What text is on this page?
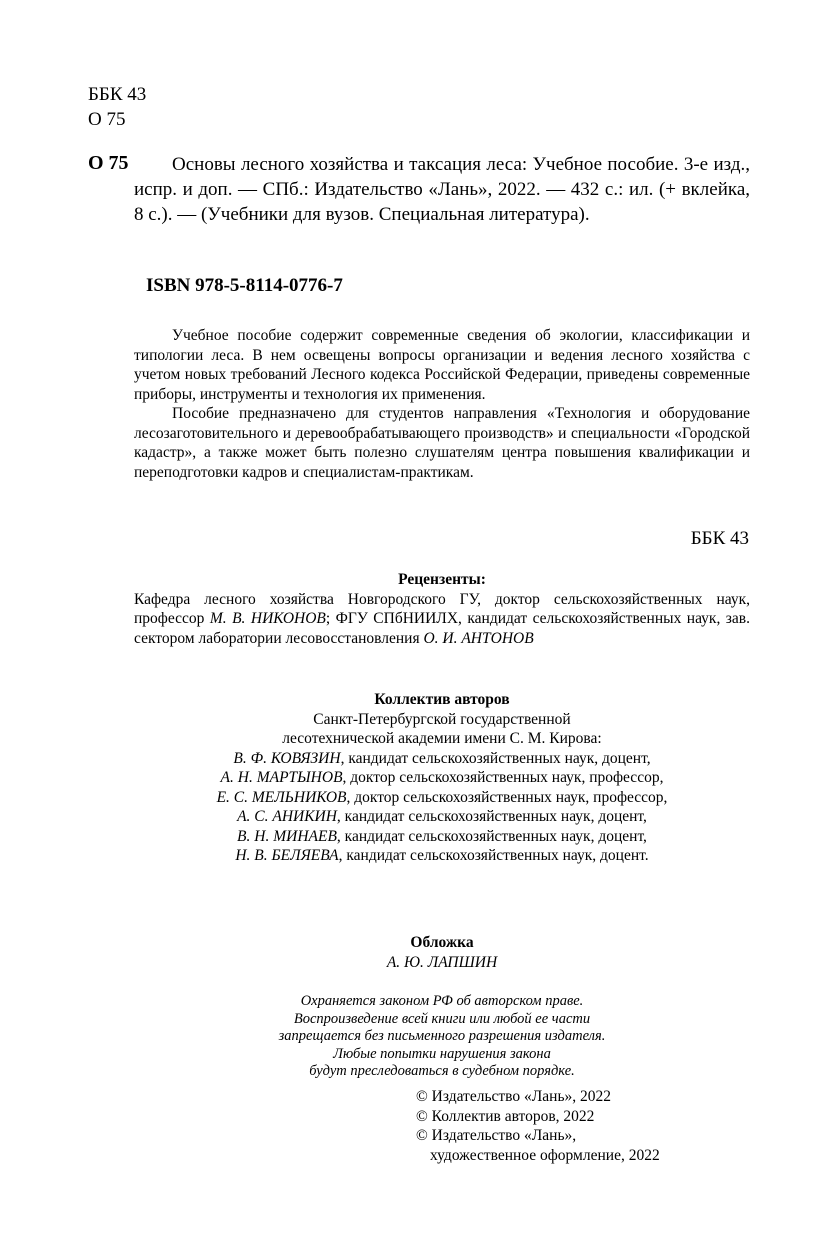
ББК 43
О 75
О 75	Основы лесного хозяйства и таксация леса: Учебное пособие. 3-е изд., испр. и доп. — СПб.: Издательство «Лань», 2022. — 432 с.: ил. (+ вклейка, 8 с.). — (Учебники для вузов. Специальная литература).
ISBN 978-5-8114-0776-7

Учебное пособие содержит современные сведения об экологии, классификации и типологии леса. В нем освещены вопросы организации и ведения лесного хозяйства с учетом новых требований Лесного кодекса Российской Федерации, приведены современные приборы, инструменты и технология их применения.

Пособие предназначено для студентов направления «Технология и оборудование лесозаготовительного и деревообрабатывающего производств» и специальности «Городской кадастр», а также может быть полезно слушателям центра повышения квалификации и переподготовки кадров и специалистам-практикам.

ББК 43
Рецензенты:
Кафедра лесного хозяйства Новгородского ГУ, доктор сельскохозяйственных наук, профессор М. В. НИКОНОВ; ФГУ СПбНИИЛХ, кандидат сельскохозяйственных наук, зав. сектором лаборатории лесовосстановления О. И. АНТОНОВ
Коллектив авторов
Санкт-Петербургской государственной
лесотехнической академии имени С. М. Кирова:
В. Ф. КОВЯЗИН, кандидат сельскохозяйственных наук, доцент,
А. Н. МАРТЫНОВ, доктор сельскохозяйственных наук, профессор,
Е. С. МЕЛЬНИКОВ, доктор сельскохозяйственных наук, профессор,
А. С. АНИКИН, кандидат сельскохозяйственных наук, доцент,
В. Н. МИНАЕВ, кандидат сельскохозяйственных наук, доцент,
Н. В. БЕЛЯЕВА, кандидат сельскохозяйственных наук, доцент.
Обложка
А. Ю. ЛАПШИН
Охраняется законом РФ об авторском праве.
Воспроизведение всей книги или любой ее части
запрещается без письменного разрешения издателя.
Любые попытки нарушения закона
будут преследоваться в судебном порядке.
© Издательство «Лань», 2022
© Коллектив авторов, 2022
© Издательство «Лань»,
художественное оформление, 2022
